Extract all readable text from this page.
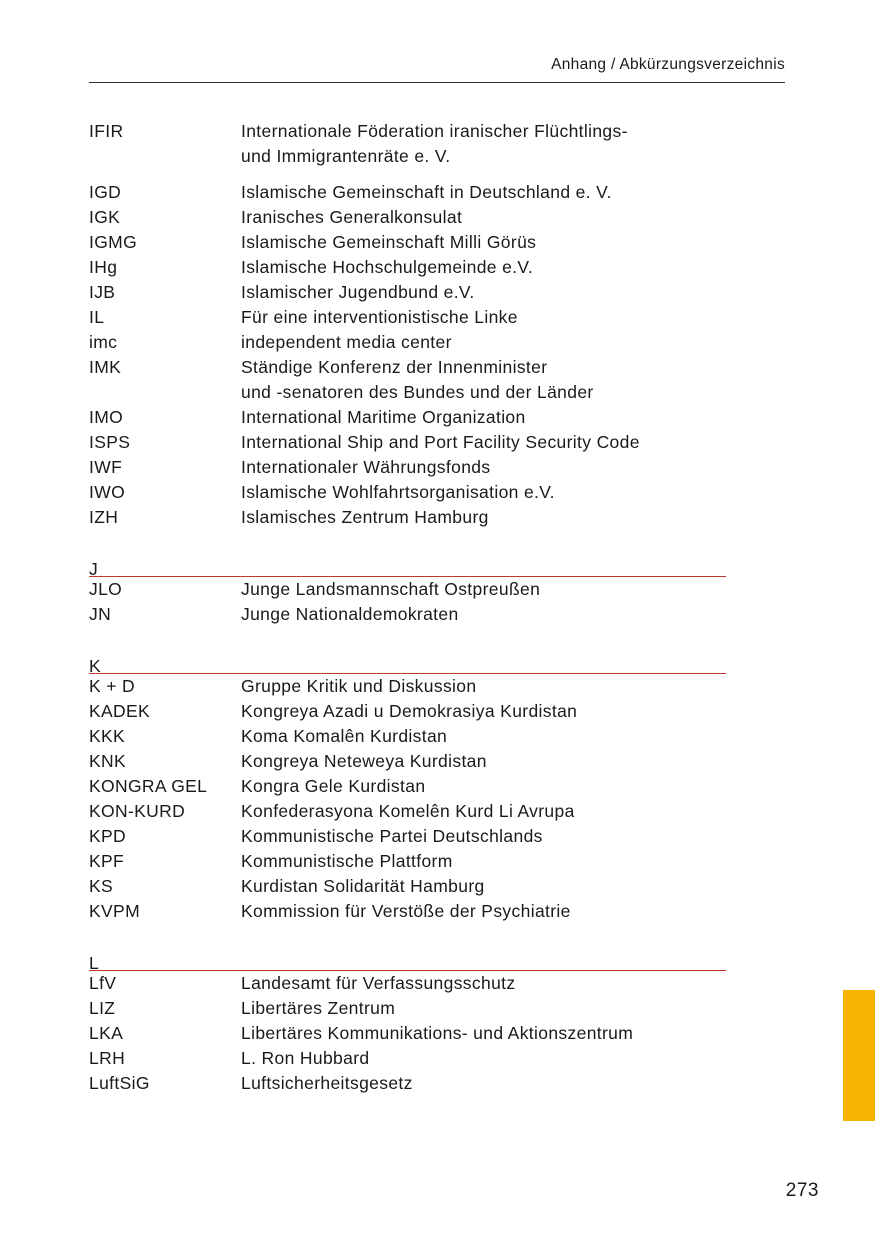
Anhang / Abkürzungsverzeichnis
IFIR	Internationale Föderation iranischer Flüchtlings-
und Immigrantenräte e. V.
IGD	Islamische Gemeinschaft in Deutschland e. V.
IGK	Iranisches Generalkonsulat
IGMG	Islamische Gemeinschaft Milli Görüs
IHg	Islamische Hochschulgemeinde e.V.
IJB	Islamischer Jugendbund e.V.
IL	Für eine interventionistische Linke
imc	independent media center
IMK	Ständige Konferenz der Innenminister
und -senatoren des Bundes und der Länder
IMO	International Maritime Organization
ISPS	International Ship and Port Facility Security Code
IWF	Internationaler Währungsfonds
IWO	Islamische Wohlfahrtsorganisation e.V.
IZH	Islamisches Zentrum Hamburg
J
JLO	Junge Landsmannschaft Ostpreußen
JN	Junge Nationaldemokraten
K
K + D	Gruppe Kritik und Diskussion
KADEK	Kongreya Azadi u Demokrasiya Kurdistan
KKK	Koma Komalên Kurdistan
KNK	Kongreya Neteweya Kurdistan
KONGRA GEL	Kongra Gele Kurdistan
KON-KURD	Konfederasyona Komelên Kurd Li Avrupa
KPD	Kommunistische Partei Deutschlands
KPF	Kommunistische Plattform
KS	Kurdistan Solidarität Hamburg
KVPM	Kommission für Verstöße der Psychiatrie
L
LfV	Landesamt für Verfassungsschutz
LIZ	Libertäres Zentrum
LKA	Libertäres Kommunikations- und Aktionszentrum
LRH	L. Ron Hubbard
LuftSiG	Luftsicherheitsgesetz
273
